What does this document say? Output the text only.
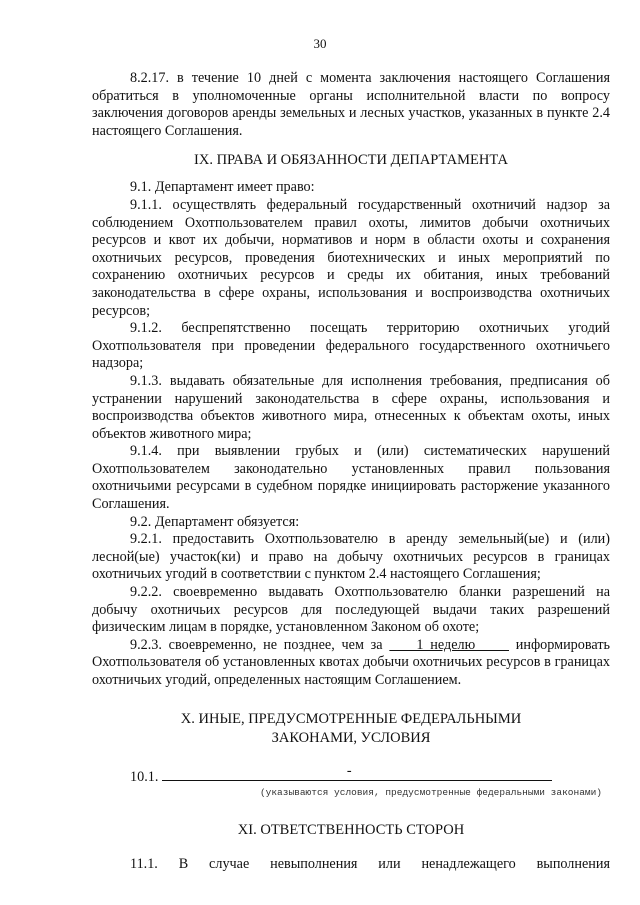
30

8.2.17. в течение 10 дней с момента заключения настоящего Соглашения обратиться в уполномоченные органы исполнительной власти по вопросу заключения договоров аренды земельных и лесных участков, указанных в пункте 2.4 настоящего Соглашения.

IX. ПРАВА И ОБЯЗАННОСТИ ДЕПАРТАМЕНТА

9.1. Департамент имеет право:

9.1.1. осуществлять федеральный государственный охотничий надзор за соблюдением Охотпользователем правил охоты, лимитов добычи охотничьих ресурсов и квот их добычи, нормативов и норм в области охоты и сохранения охотничьих ресурсов, проведения биотехнических и иных мероприятий по сохранению охотничьих ресурсов и среды их обитания, иных требований законодательства в сфере охраны, использования и воспроизводства охотничьих ресурсов;

9.1.2. беспрепятственно посещать территорию охотничьих угодий Охотпользователя при проведении федерального государственного охотничьего надзора;

9.1.3. выдавать обязательные для исполнения требования, предписания об устранении нарушений законодательства в сфере охраны, использования и воспроизводства объектов животного мира, отнесенных к объектам охоты, иных объектов животного мира;

9.1.4. при выявлении грубых и (или) систематических нарушений Охотпользователем законодательно установленных правил пользования охотничьими ресурсами в судебном порядке инициировать расторжение указанного Соглашения.

9.2. Департамент обязуется:

9.2.1. предоставить Охотпользователю в аренду земельный(ые) и (или) лесной(ые) участок(ки) и право на добычу охотничьих ресурсов в границах охотничьих угодий в соответствии с пунктом 2.4 настоящего Соглашения;

9.2.2. своевременно выдавать Охотпользователю бланки разрешений на добычу охотничьих ресурсов для последующей выдачи таких разрешений физическим лицам в порядке, установленном Законом об охоте;

9.2.3. своевременно, не позднее, чем за     1 неделю      информировать Охотпользователя об установленных квотах добычи охотничьих ресурсов в границах охотничьих угодий, определенных настоящим Соглашением.

X. ИНЫЕ, ПРЕДУСМОТРЕННЫЕ ФЕДЕРАЛЬНЫМИ
ЗАКОНАМИ, УСЛОВИЯ

10.1.	-

(указываются условия, предусмотренные федеральными законами)

XI. ОТВЕТСТВЕННОСТЬ СТОРОН

11.1. В случае невыполнения или ненадлежащего выполнения
